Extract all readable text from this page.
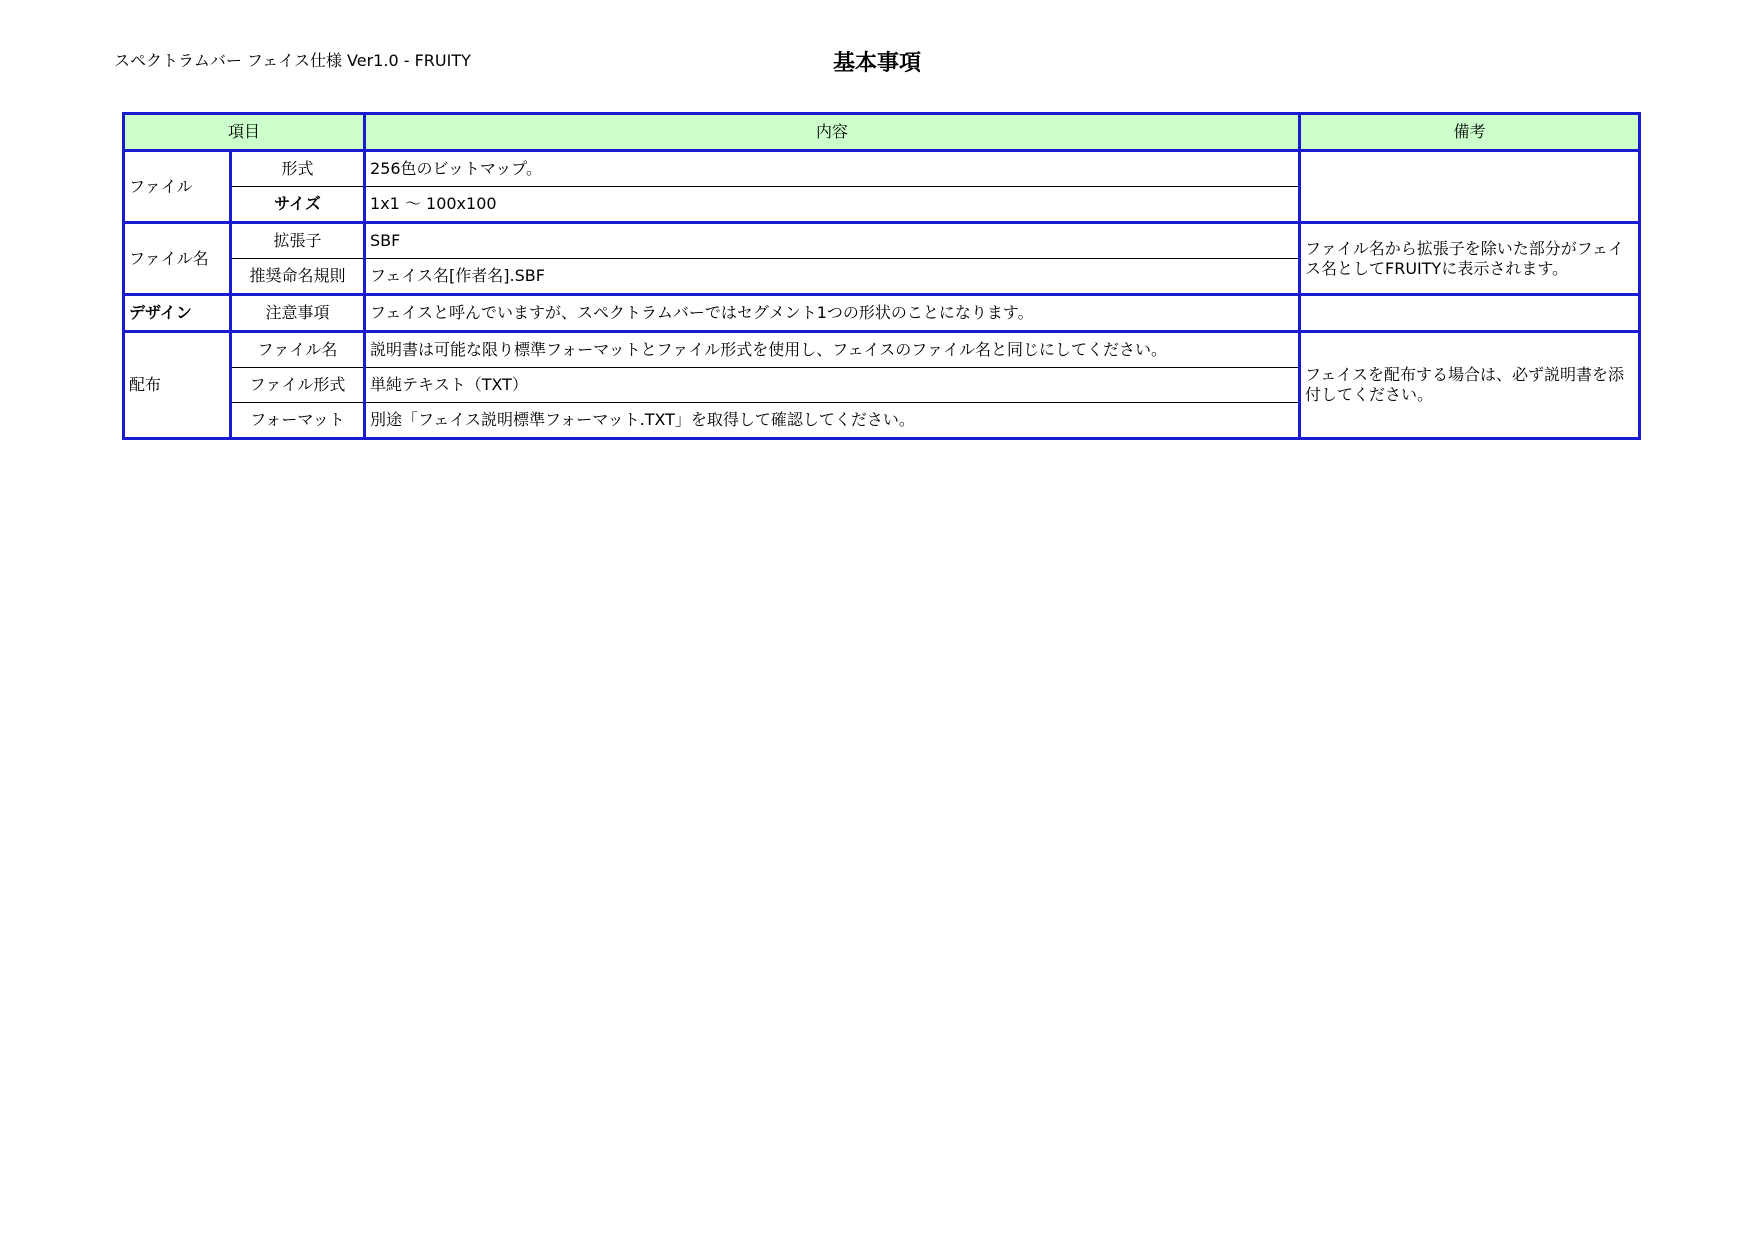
スペクトラムバー フェイス仕様 Ver1.0 - FRUITY	基本事項
項目		内容	備考
ファイル	形式	256色のビットマップ。	
	サイズ	1x1 ～ 100x100	
ファイル名	拡張子	SBF	ファイル名から拡張子を除いた部分がフェイス名としてFRUITYに表示されます。
	推奨命名規則	フェイス名[作者名].SBF	
デザイン	注意事項	フェイスと呼んでいますが、スペクトラムバーではセグメント1つの形状のことになります。	
配布	ファイル名	説明書は可能な限り標準フォーマットとファイル形式を使用し、フェイスのファイル名と同じにしてください。	フェイスを配布する場合は、必ず説明書を添付してください。
	ファイル形式	単純テキスト（TXT）	
	フォーマット	別途「フェイス説明標準フォーマット.TXT」を取得して確認してください。	
